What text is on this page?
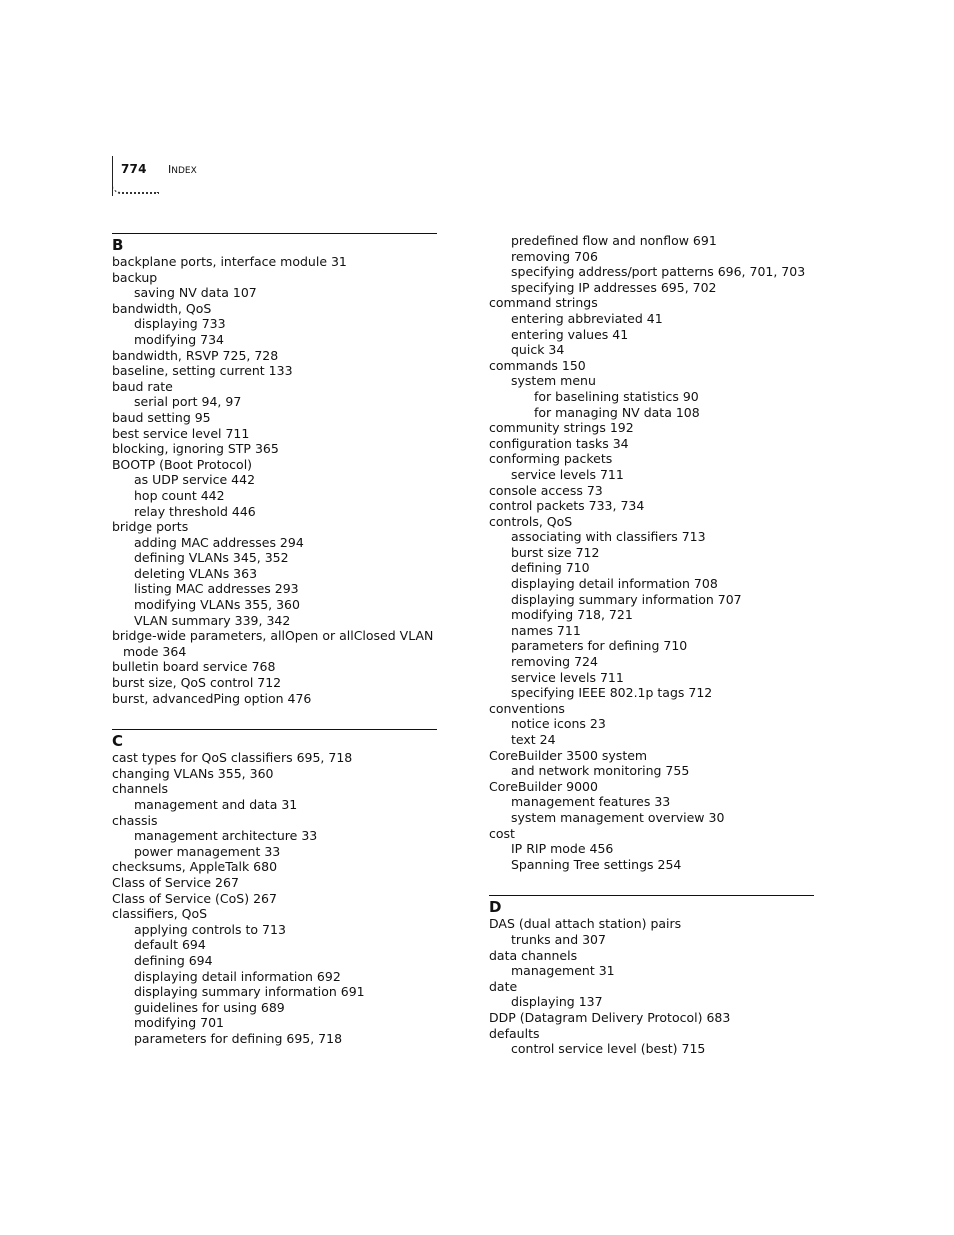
774 INDEX
B
backplane ports, interface module 31
backup
saving NV data 107
bandwidth, QoS
displaying 733
modifying 734
bandwidth, RSVP 725, 728
baseline, setting current 133
baud rate
serial port 94, 97
baud setting 95
best service level 711
blocking, ignoring STP 365
BOOTP (Boot Protocol)
as UDP service 442
hop count 442
relay threshold 446
bridge ports
adding MAC addresses 294
defining VLANs 345, 352
deleting VLANs 363
listing MAC addresses 293
modifying VLANs 355, 360
VLAN summary 339, 342
bridge-wide parameters, allOpen or allClosed VLAN
mode 364
bulletin board service 768
burst size, QoS control 712
burst, advancedPing option 476
C
cast types for QoS classifiers 695, 718
changing VLANs 355, 360
channels
management and data 31
chassis
management architecture 33
power management 33
checksums, AppleTalk 680
Class of Service 267
Class of Service (CoS) 267
classifiers, QoS
applying controls to 713
default 694
defining 694
displaying detail information 692
displaying summary information 691
guidelines for using 689
modifying 701
parameters for defining 695, 718
predefined flow and nonflow 691
removing 706
specifying address/port patterns 696, 701, 703
specifying IP addresses 695, 702
command strings
entering abbreviated 41
entering values 41
quick 34
commands 150
system menu
for baselining statistics 90
for managing NV data 108
community strings 192
configuration tasks 34
conforming packets
service levels 711
console access 73
control packets 733, 734
controls, QoS
associating with classifiers 713
burst size 712
defining 710
displaying detail information 708
displaying summary information 707
modifying 718, 721
names 711
parameters for defining 710
removing 724
service levels 711
specifying IEEE 802.1p tags 712
conventions
notice icons 23
text 24
CoreBuilder 3500 system
and network monitoring 755
CoreBuilder 9000
management features 33
system management overview 30
cost
IP RIP mode 456
Spanning Tree settings 254
D
DAS (dual attach station) pairs
trunks and 307
data channels
management 31
date
displaying 137
DDP (Datagram Delivery Protocol) 683
defaults
control service level (best) 715
